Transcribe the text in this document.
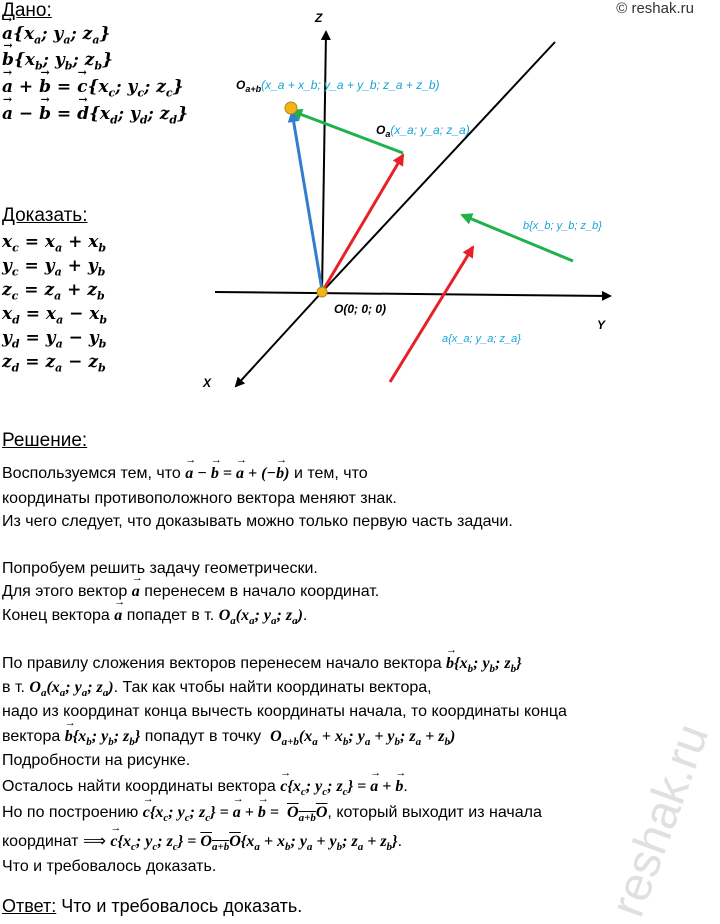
© reshak.ru
reshak.ru
Дано:
→ $a\{x_a$; $y_a$; $z_a$}
→ $b\{x_b$; $y_b$; $z_b$}
→ a + → b = → $c\{x_c$; $y_c$; $z_c$}
→ a − → b = → $d\{x_d$; $y_d$; $z_d$}
Доказать:
$x_c = x_a + x_b$
$y_c = y_a + y_b$
$z_c = z_a + z_b$
$x_d = x_a - x_b$
$y_d = y_a - y_b$
$z_d = z_a - z_b$
Z
Y
X
O(0; 0; 0)
$O_a(x\_a$; y_a; z_a)
$O_{a+b}(x\_a$ + x_b; y_a + y_b; z_a + z_b)
b{x_b; y_b; z_b}
a{x_a; y_a; z_a}
Решение:
Воспользуемся тем, что → a − → b = → a + (−→ b) и тем, что
координаты противоположного вектора меняют знак.
Из чего следует, что доказывать можно только первую часть задачи.
Попробуем решить задачу геометрически.
Для этого вектор → a перенесем в начало координат.
Конец вектора → a попадет в т. $O_a(x_a$; $y_a$; $z_a$).
По правилу сложения векторов перенесем начало вектора → $b\{x_b$; $y_b$; $z_b$}
в т. $O_a(x_a$; $y_a$; $z_a$). Так как чтобы найти координаты вектора,
надо из координат конца вычесть координаты начала, то координаты конца
вектора → $b\{x_b$; $y_b$; $z_b$} попадут в точку  $O_{a+b}(x_a + x_b$; $y_a + y_b$; $z_a + z_b$)
Подробности на рисунке.
Осталось найти координаты вектора → $c\{x_c$; $y_c$; $z_c$} = → a + → b.
Но по построению → $c\{x_c$; $y_c$; $z_c$} = → a + → $b = O_{a+b}O$, который выходит из начала
координат ⟹ → $c\{x_c$; $y_c$; $z_c\} = O_{a+b}O\{x_a + x_b$; $y_a + y_b$; $z_a + z_b$}.
Что и требовалось доказать.
Ответ: Что и требовалось доказать.
